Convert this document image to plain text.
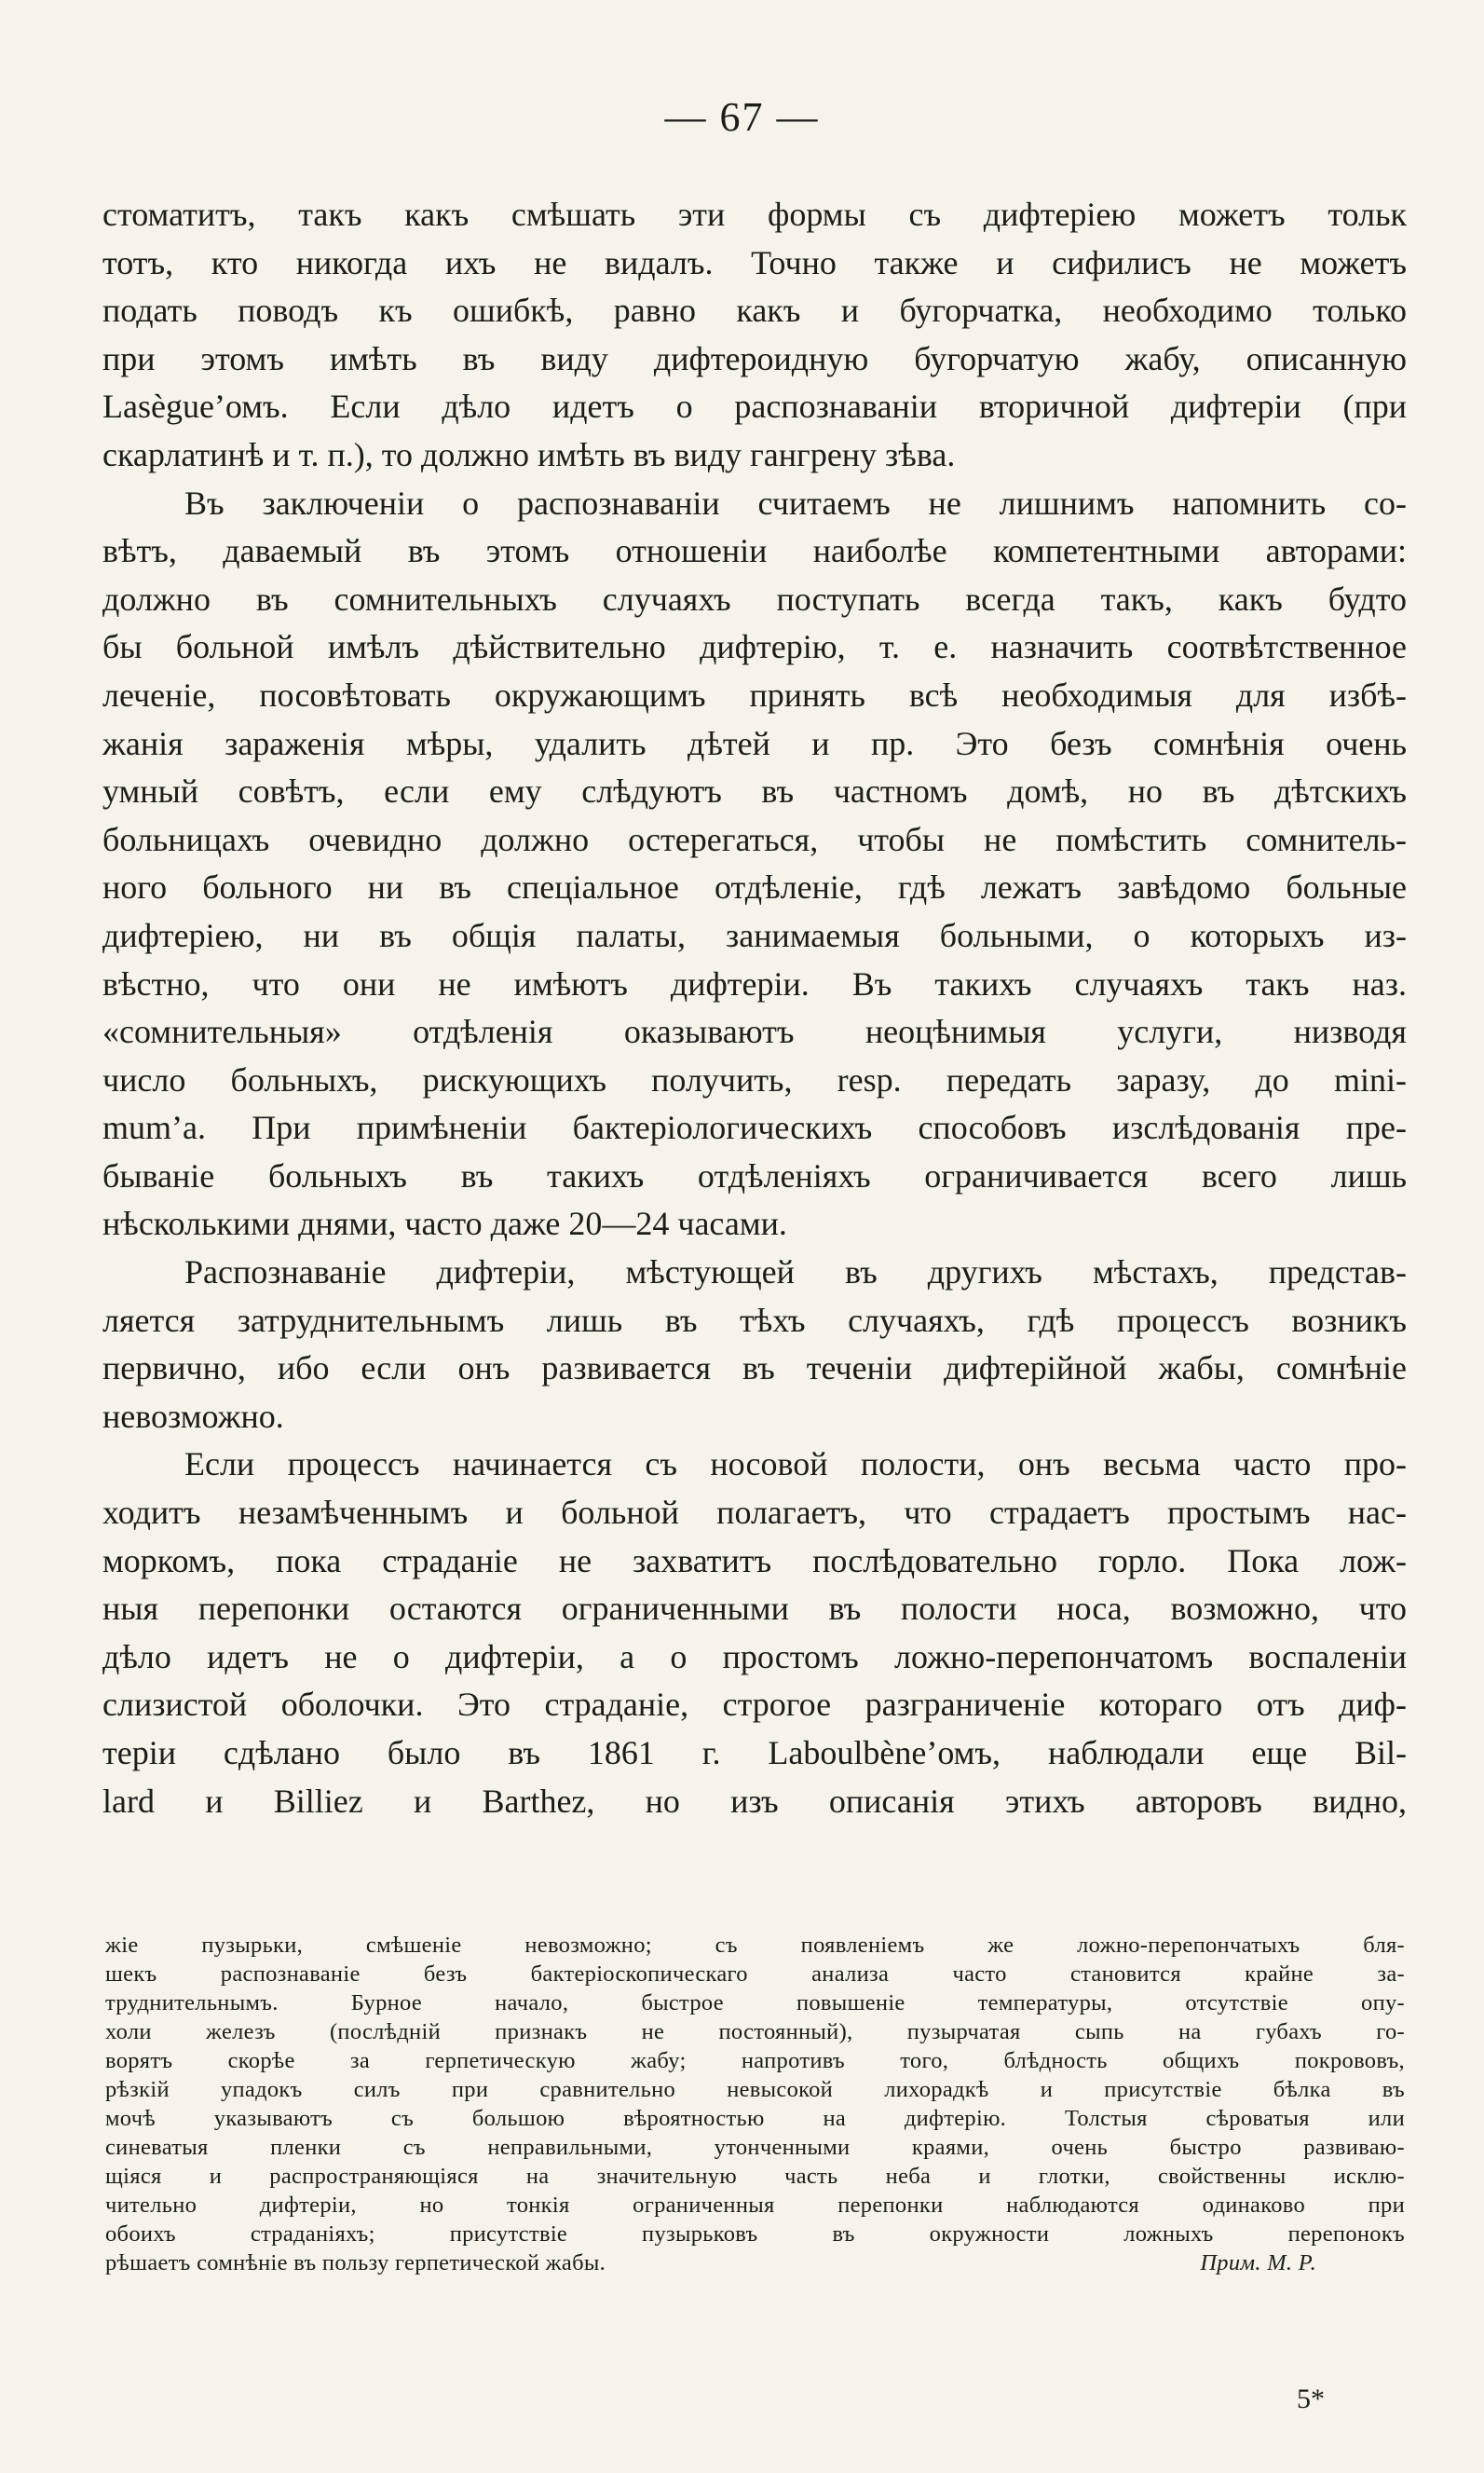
— 67 —
стоматитъ, такъ какъ смѣшать эти формы съ дифтеріею можетъ тольк
тотъ, кто никогда ихъ не видалъ. Точно также и сифилисъ не можетъ
подать поводъ къ ошибкѣ, равно какъ и бугорчатка, необходимо только
при этомъ имѣть въ виду дифтероидную бугорчатую жабу, описанную
Lasègue’омъ. Если дѣло идетъ о распознаваніи вторичной дифтеріи (при
скарлатинѣ и т. п.), то должно имѣть въ виду гангрену зѣва.
Въ заключеніи о распознаваніи считаемъ не лишнимъ напомнить со-
вѣтъ, даваемый въ этомъ отношеніи наиболѣе компетентными авторами:
должно въ сомнительныхъ случаяхъ поступать всегда такъ, какъ будто
бы больной имѣлъ дѣйствительно дифтерію, т. е. назначить соотвѣтственное
леченіе, посовѣтовать окружающимъ принять всѣ необходимыя для избѣ-
жанія зараженія мѣры, удалить дѣтей и пр. Это безъ сомнѣнія очень
умный совѣтъ, если ему слѣдуютъ въ частномъ домѣ, но въ дѣтскихъ
больницахъ очевидно должно остерегаться, чтобы не помѣстить сомнитель-
ного больного ни въ спеціальное отдѣленіе, гдѣ лежатъ завѣдомо больные
дифтеріею, ни въ общія палаты, занимаемыя больными, о которыхъ из-
вѣстно, что они не имѣютъ дифтеріи. Въ такихъ случаяхъ такъ наз.
«сомнительныя» отдѣленія оказываютъ неоцѣнимыя услуги, низводя
число больныхъ, рискующихъ получить, resp. передать заразу, до mini-
mum’а. При примѣненіи бактеріологическихъ способовъ изслѣдованія пре-
бываніе больныхъ въ такихъ отдѣленіяхъ ограничивается всего лишь
нѣсколькими днями, часто даже 20—24 часами.
Распознаваніе дифтеріи, мѣстующей въ другихъ мѣстахъ, представ-
ляется затруднительнымъ лишь въ тѣхъ случаяхъ, гдѣ процессъ возникъ
первично, ибо если онъ развивается въ теченіи дифтерійной жабы, сомнѣніе
невозможно.
Если процессъ начинается съ носовой полости, онъ весьма часто про-
ходитъ незамѣченнымъ и больной полагаетъ, что страдаетъ простымъ нас-
моркомъ, пока страданіе не захватитъ послѣдовательно горло. Пока лож-
ныя перепонки остаются ограниченными въ полости носа, возможно, что
дѣло идетъ не о дифтеріи, а о простомъ ложно-перепончатомъ воспаленіи
слизистой оболочки. Это страданіе, строгое разграниченіе котораго отъ диф-
теріи сдѣлано было въ 1861 г. Laboulbène’омъ, наблюдали еще Bil-
lard и Billiez и Barthez, но изъ описанія этихъ авторовъ видно,
жіе пузырьки, смѣшеніе невозможно; съ появленіемъ же ложно-перепончатыхъ бля-
шекъ распознаваніе безъ бактеріоскопическаго анализа часто становится крайне за-
труднительнымъ. Бурное начало, быстрое повышеніе температуры, отсутствіе опу-
холи железъ (послѣдній признакъ не постоянный), пузырчатая сыпь на губахъ го-
ворятъ скорѣе за герпетическую жабу; напротивъ того, блѣдность общихъ покрововъ,
рѣзкій упадокъ силъ при сравнительно невысокой лихорадкѣ и присутствіе бѣлка въ
мочѣ указываютъ съ большою вѣроятностью на дифтерію. Толстыя сѣроватыя или
синеватыя пленки съ неправильными, утонченными краями, очень быстро развиваю-
щіяся и распространяющіяся на значительную часть неба и глотки, свойственны исклю-
чительно дифтеріи, но тонкія ограниченныя перепонки наблюдаются одинаково при
обоихъ страданіяхъ; присутствіе пузырьковъ въ окружности ложныхъ перепонокъ
рѣшаетъ сомнѣніе въ пользу герпетической жабы.	Прим. М. Р.
5*
